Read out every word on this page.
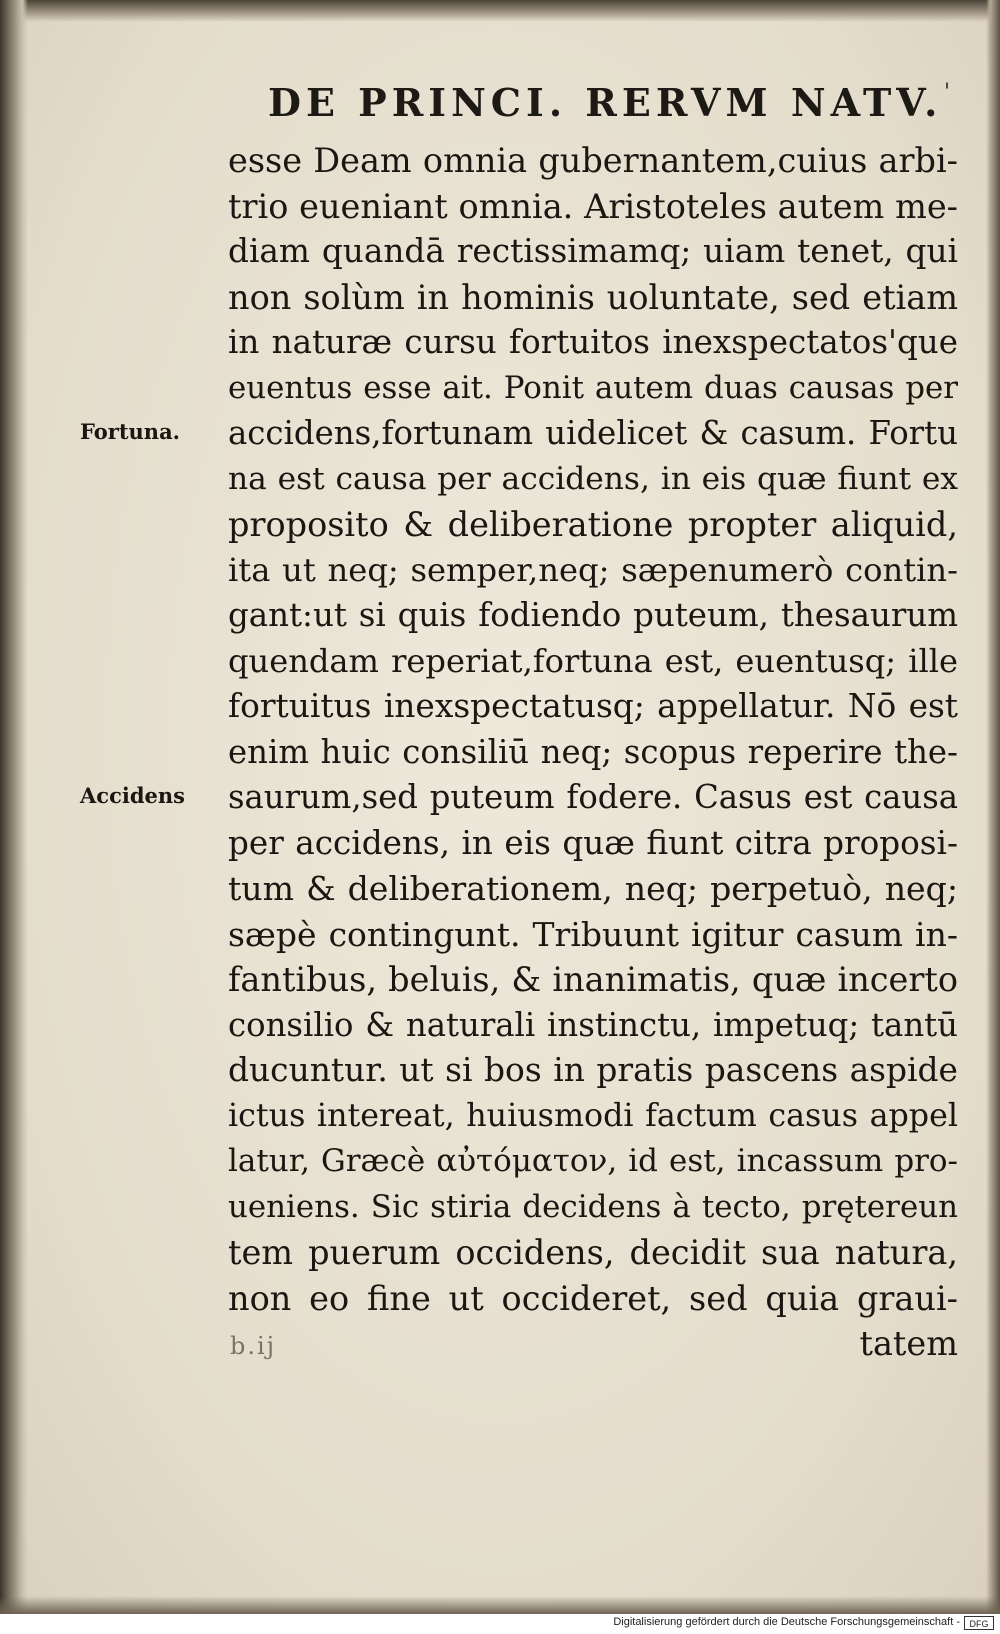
DE PRINCI. RERVM NATV. '
Fortuna.
Accidens
esse Deam omnia gubernantem,cuius arbi-
trio eueniant omnia. Aristoteles autem me-
diam quandā rectissimamq; uiam tenet, qui
non solùm in hominis uoluntate, sed etiam
in naturæ cursu fortuitos inexspectatos'que
euentus esse ait. Ponit autem duas causas per
accidens,fortunam uidelicet & casum. Fortu
na est causa per accidens, in eis quæ fiunt ex
proposito & deliberatione propter aliquid,
ita ut neq; semper,neq; sæpenumerò contin-
gant:ut si quis fodiendo puteum, thesaurum
quendam reperiat,fortuna est, euentusq; ille
fortuitus inexspectatusq; appellatur. Nō est
enim huic consiliū neq; scopus reperire the-
saurum,sed puteum fodere. Casus est causa
per accidens, in eis quæ fiunt citra proposi-
tum & deliberationem, neq; perpetuò, neq;
sæpè contingunt. Tribuunt igitur casum in-
fantibus, beluis, & inanimatis, quæ incerto
consilio & naturali instinctu, impetuq; tantū
ducuntur. ut si bos in pratis pascens aspide
ictus intereat, huiusmodi factum casus appel
latur, Græcè αὐτόματον, id est, incassum pro-
ueniens. Sic stiria decidens à tecto, prętereun
tem puerum occidens, decidit sua natura,
non eo fine ut occideret, sed quia graui-
tatem
b.ij
Digitalisierung gefördert durch die Deutsche Forschungsgemeinschaft -	DFG
